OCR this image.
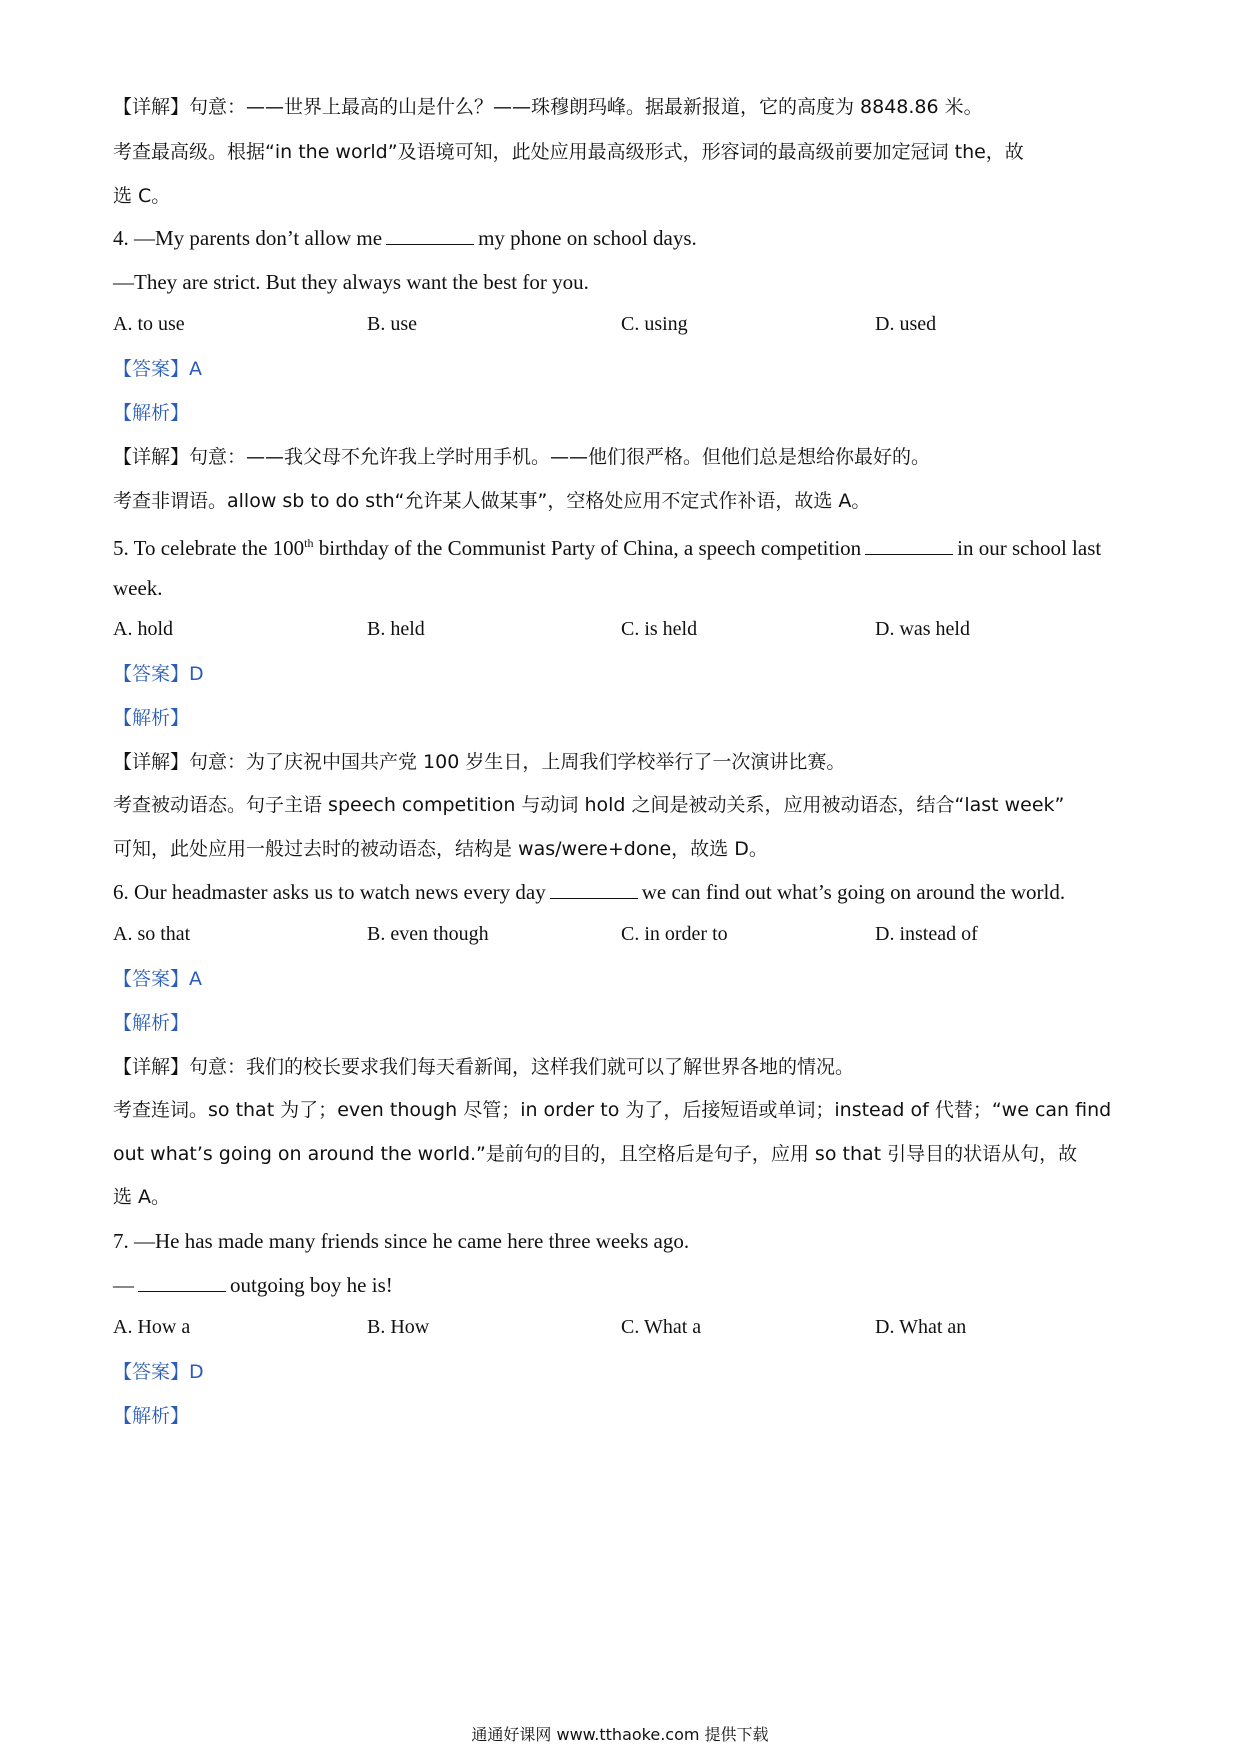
【详解】句意：——世界上最高的山是什么？——珠穆朗玛峰。据最新报道，它的高度为 8848.86 米。
考查最高级。根据“in the world”及语境可知，此处应用最高级形式，形容词的最高级前要加定冠词 the，故
选 C。
4. —My parents don’t allow me	my phone on school days.
—They are strict. But they always want the best for you.
A. to use	B. use	C. using	D. used
【答案】A
【解析】
【详解】句意：——我父母不允许我上学时用手机。——他们很严格。但他们总是想给你最好的。
考查非谓语。allow sb to do sth“允许某人做某事”，空格处应用不定式作补语，故选 A。
5. To celebrate the 100th birthday of the Communist Party of China, a speech competition	in our school last
week.
A. hold	B. held	C. is held	D. was held
【答案】D
【解析】
【详解】句意：为了庆祝中国共产党 100 岁生日，上周我们学校举行了一次演讲比赛。
考查被动语态。句子主语 speech competition 与动词 hold 之间是被动关系，应用被动语态，结合“last week”
可知，此处应用一般过去时的被动语态，结构是 was/were+done，故选 D。
6. Our headmaster asks us to watch news every day	we can find out what’s going on around the world.
A. so that	B. even though	C. in order to	D. instead of
【答案】A
【解析】
【详解】句意：我们的校长要求我们每天看新闻，这样我们就可以了解世界各地的情况。
考查连词。so that 为了；even though 尽管；in order to 为了，后接短语或单词；instead of 代替；“we can find
out what’s going on around the world.”是前句的目的，且空格后是句子，应用 so that 引导目的状语从句，故
选 A。
7. —He has made many friends since he came here three weeks ago.
—	outgoing boy he is!
A. How a	B. How	C. What a	D. What an
【答案】D
【解析】
通通好课网 www.tthaoke.com 提供下载
